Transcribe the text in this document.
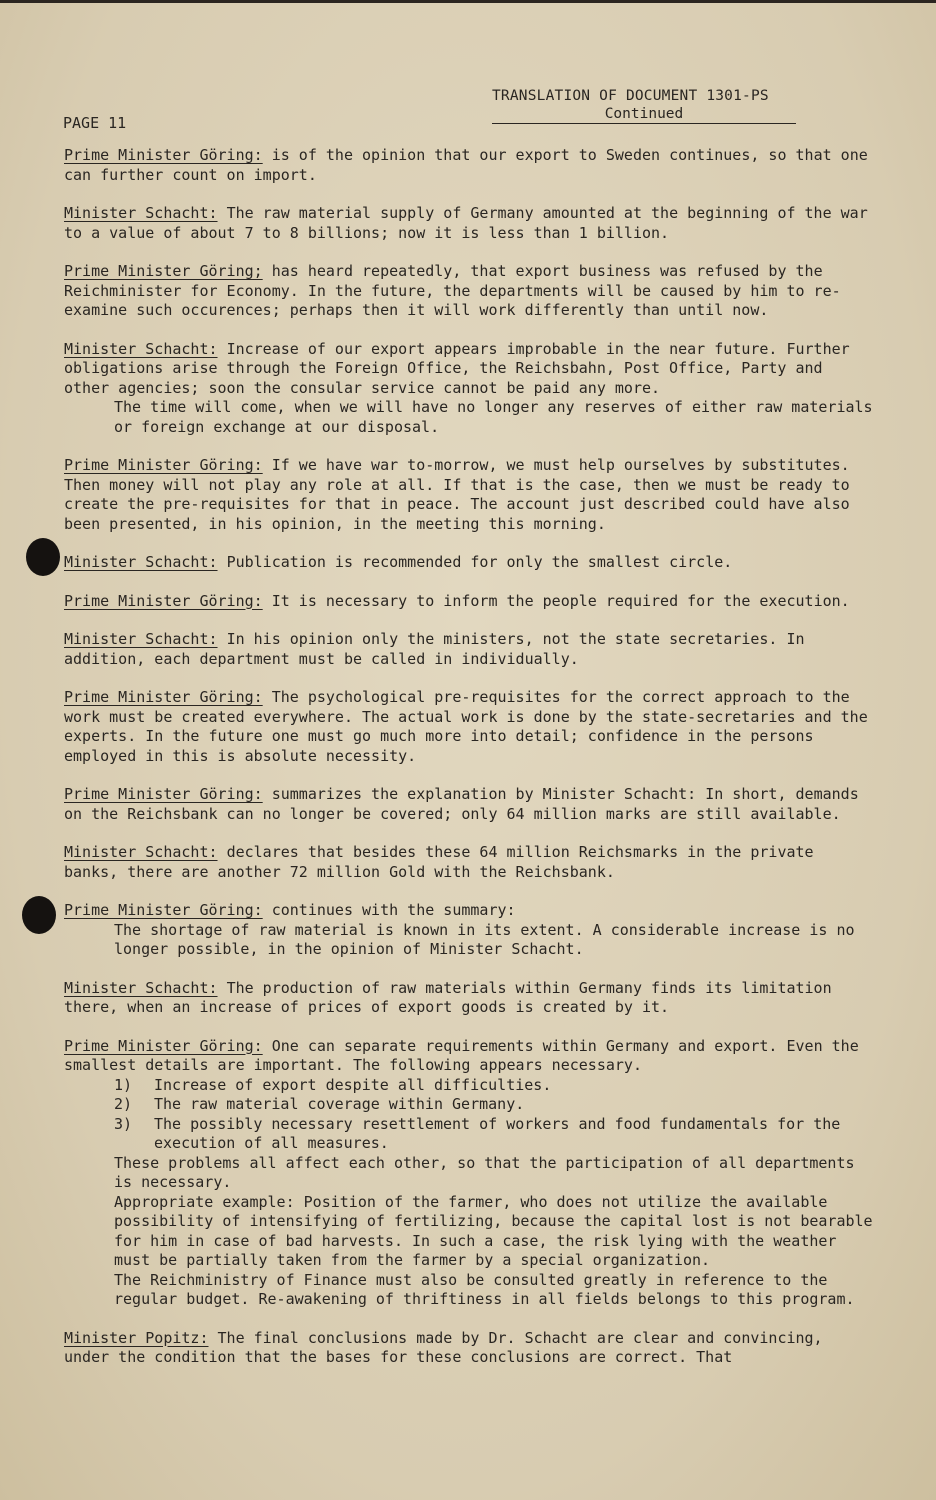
TRANSLATION OF DOCUMENT 1301-PS
Continued
PAGE 11

Prime Minister Göring: is of the opinion that our export to Sweden continues, so that one can further count on import.

Minister Schacht: The raw material supply of Germany amounted at the beginning of the war to a value of about 7 to 8 billions; now it is less than 1 billion.

Prime Minister Göring; has heard repeatedly, that export business was refused by the Reichminister for Economy. In the future, the departments will be caused by him to re-examine such occurences; perhaps then it will work differently than until now.

Minister Schacht: Increase of our export appears improbable in the near future. Further obligations arise through the Foreign Office, the Reichsbahn, Post Office, Party and other agencies; soon the consular service cannot be paid any more.

The time will come, when we will have no longer any reserves of either raw materials or foreign exchange at our disposal.

Prime Minister Göring: If we have war to-morrow, we must help ourselves by substitutes. Then money will not play any role at all. If that is the case, then we must be ready to create the pre-requisites for that in peace. The account just described could have also been presented, in his opinion, in the meeting this morning.

Minister Schacht: Publication is recommended for only the smallest circle.

Prime Minister Göring: It is necessary to inform the people required for the execution.

Minister Schacht: In his opinion only the ministers, not the state secretaries. In addition, each department must be called in individually.

Prime Minister Göring: The psychological pre-requisites for the correct approach to the work must be created everywhere. The actual work is done by the state-secretaries and the experts. In the future one must go much more into detail; confidence in the persons employed in this is absolute necessity.

Prime Minister Göring: summarizes the explanation by Minister Schacht: In short, demands on the Reichsbank can no longer be covered; only 64 million marks are still available.

Minister Schacht: declares that besides these 64 million Reichsmarks in the private banks, there are another 72 million Gold with the Reichsbank.

Prime Minister Göring: continues with the summary:

The shortage of raw material is known in its extent. A considerable increase is no longer possible, in the opinion of Minister Schacht.

Minister Schacht: The production of raw materials within Germany finds its limitation there, when an increase of prices of export goods is created by it.

Prime Minister Göring: One can separate requirements within Germany and export. Even the smallest details are important. The following appears necessary.

1)	Increase of export despite all difficulties.
2)	The raw material coverage within Germany.
3)	The possibly necessary resettlement of workers and food fundamentals for the execution of all measures.

These problems all affect each other, so that the participation of all departments is necessary.

Appropriate example: Position of the farmer, who does not utilize the available possibility of intensifying of fertilizing, because the capital lost is not bearable for him in case of bad harvests. In such a case, the risk lying with the weather must be partially taken from the farmer by a special organization.

The Reichministry of Finance must also be consulted greatly in reference to the regular budget. Re-awakening of thriftiness in all fields belongs to this program.

Minister Popitz: The final conclusions made by Dr. Schacht are clear and convincing, under the condition that the bases for these conclusions are correct. That
